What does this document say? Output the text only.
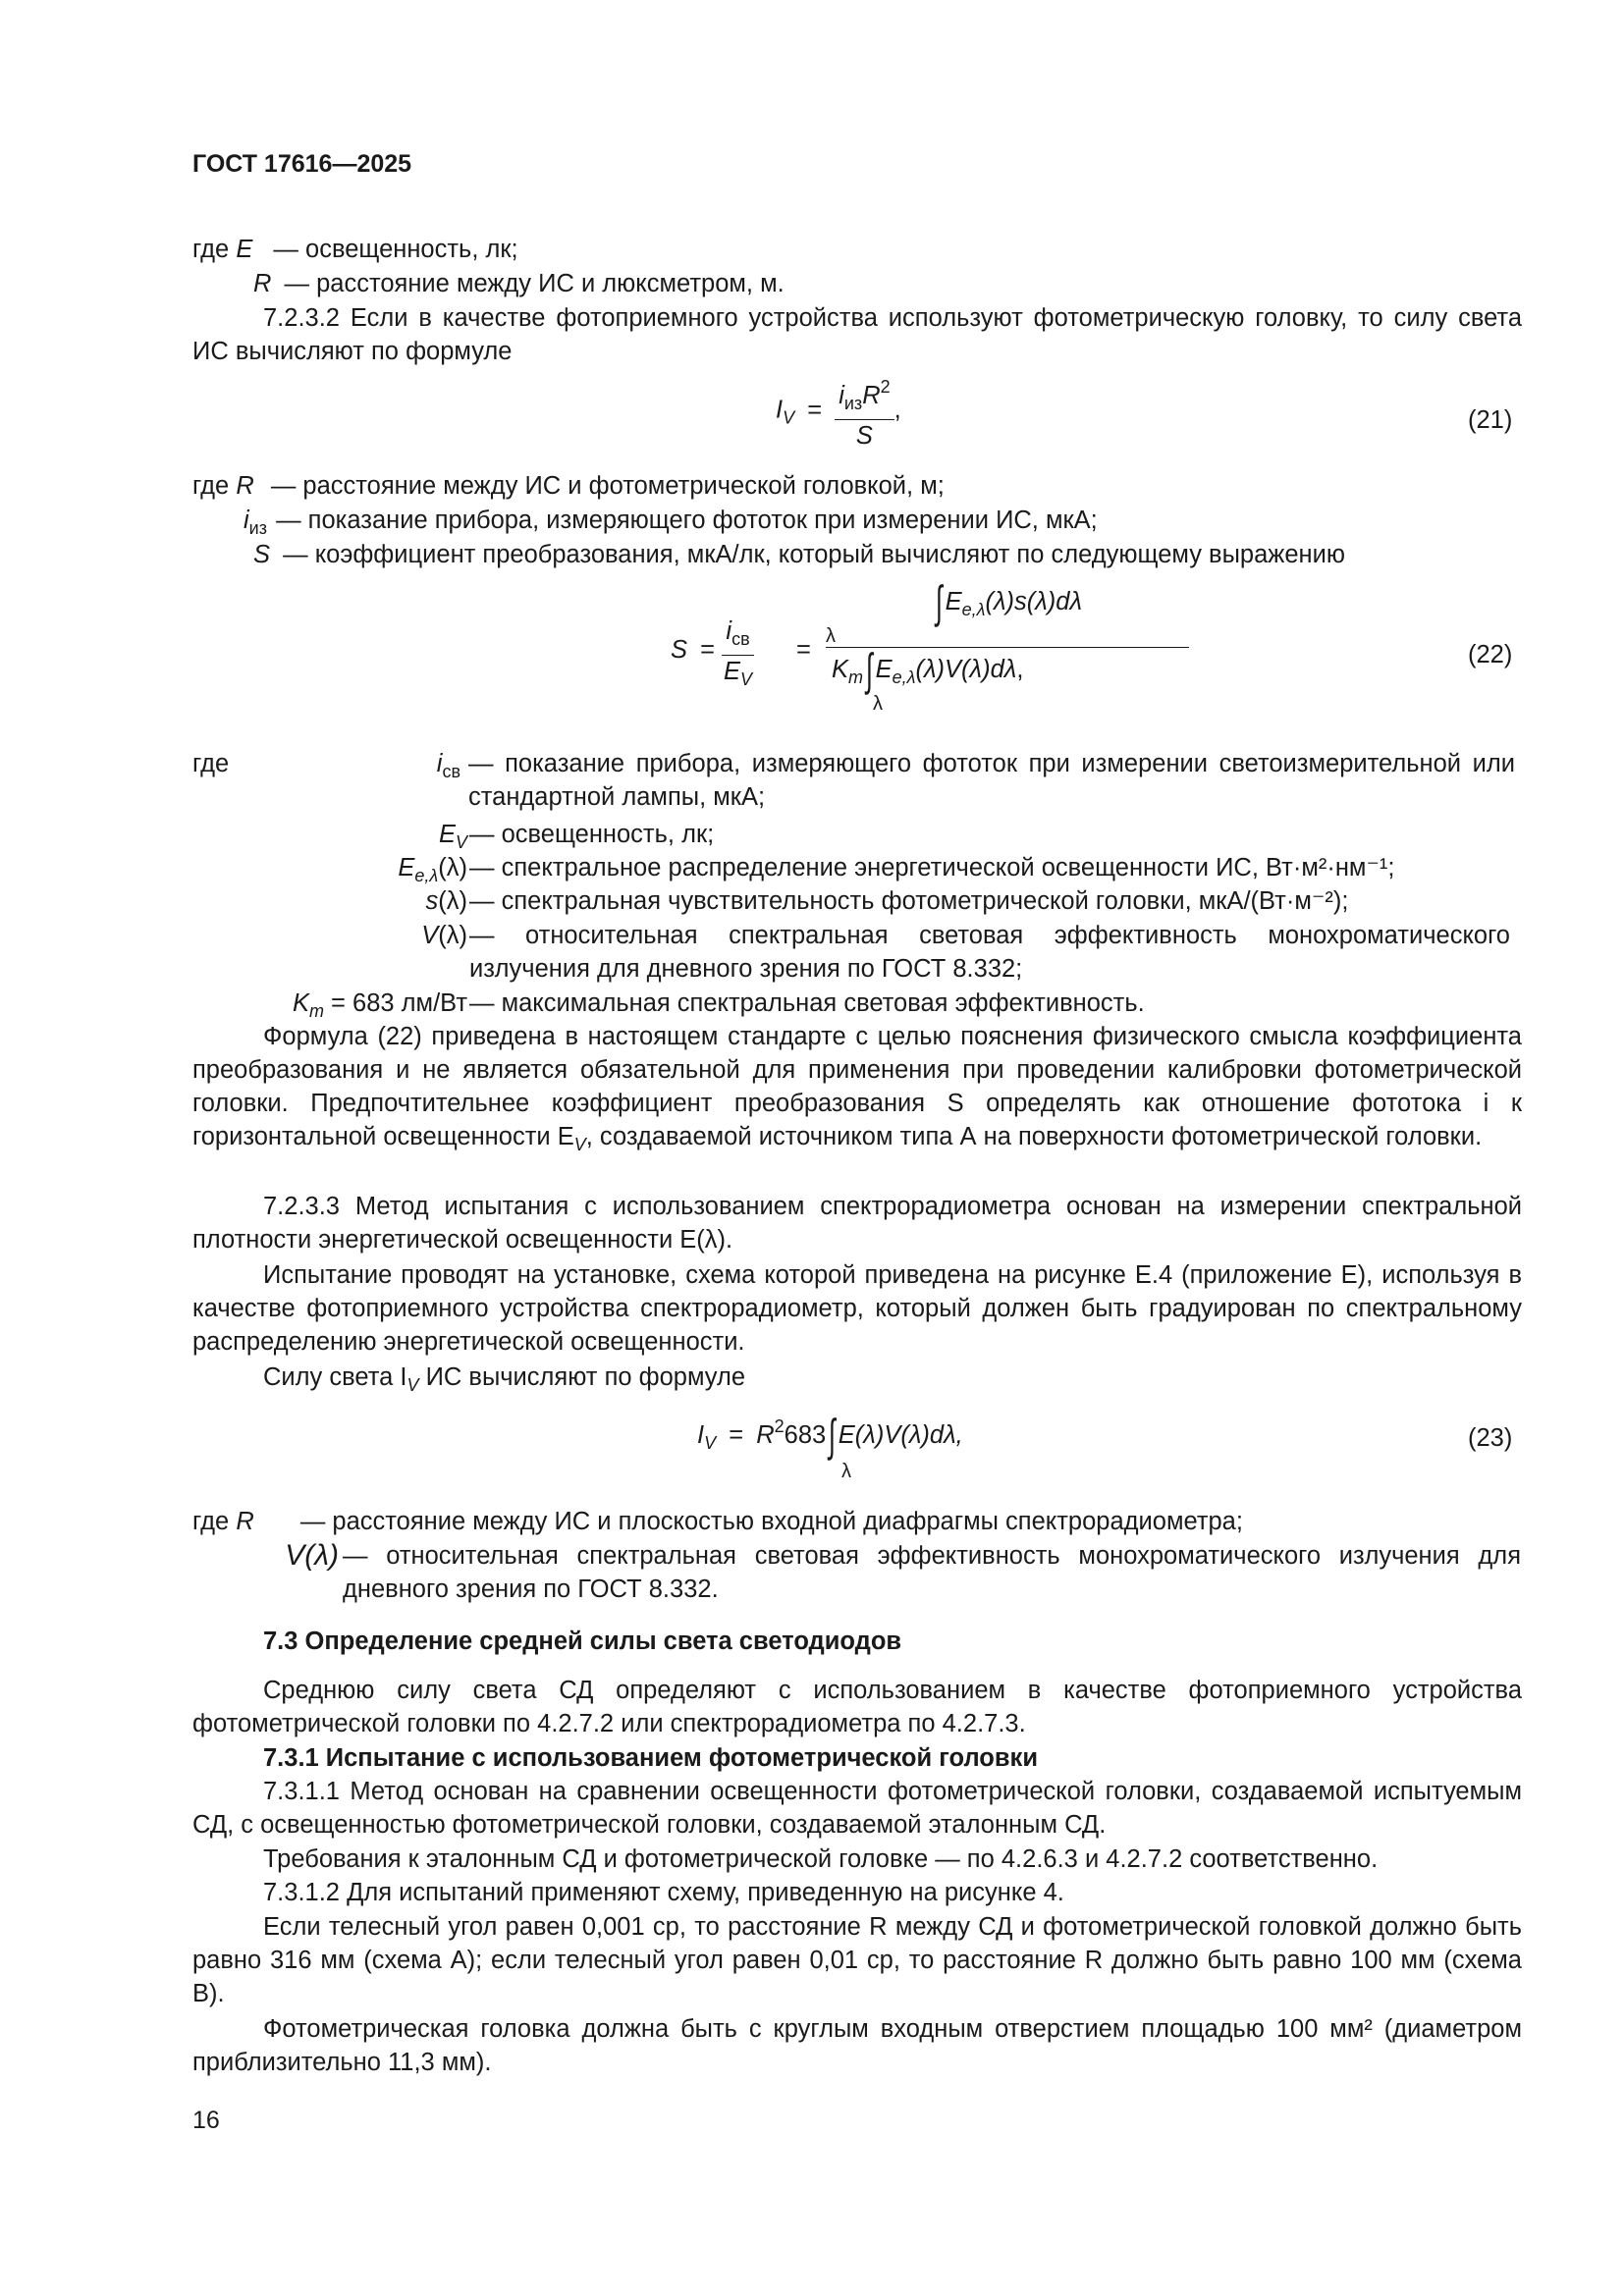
ГОСТ 17616—2025
где E — освещенность, лк;
R — расстояние между ИС и люксметром, м.
7.2.3.2 Если в качестве фотоприемного устройства используют фотометрическую головку, то силу света ИС вычисляют по формуле
$I_V = \frac{i_{из}R^2}{S}$ ,	(21)
где R — расстояние между ИС и фотометрической головкой, м;
$i_{из}$ — показание прибора, измеряющего фототок при измерении ИС, мкА;
S — коэффициент преобразования, мкА/лк, который вычисляют по следующему выражению
$S = \frac{i_{св}}{E_V}$ =
∫ $E_{e,\lambda}(\lambda)s(\lambda)d\lambda$
λ
$K_m\int$ $E_{e,\lambda}(\lambda)V(\lambda)d\lambda$,
λ
(22)
где	$i_{св}$ — показание прибора, измеряющего фототок при измерении светоизмерительной или стандартной лампы, мкА;
$E_V$ — освещенность, лк;
$E_{e,\lambda}(\lambda)$ — спектральное распределение энергетической освещенности ИС, Вт·м²·нм⁻¹;
s(λ) — спектральная чувствительность фотометрической головки, мкА/(Вт·м⁻²);
V(λ) — относительная спектральная световая эффективность монохроматического излучения для дневного зрения по ГОСТ 8.332;
$K_m = 683$ лм/Вт — максимальная спектральная световая эффективность.
Формула (22) приведена в настоящем стандарте с целью пояснения физического смысла коэффициента преобразования и не является обязательной для применения при проведении калибровки фотометрической головки. Предпочтительнее коэффициент преобразования S определять как отношение фототока i к горизонтальной освещенности $E_V$, создаваемой источником типа А на поверхности фотометрической головки.
7.2.3.3 Метод испытания с использованием спектрорадиометра основан на измерении спектральной плотности энергетической освещенности E(λ).
Испытание проводят на установке, схема которой приведена на рисунке Е.4 (приложение Е), используя в качестве фотоприемного устройства спектрорадиометр, который должен быть градуирован по спектральному распределению энергетической освещенности.
Силу света $I_V$ ИС вычисляют по формуле
$I_V = R^2683\int$ E(λ)V(λ)dλ,
λ
(23)
где R — расстояние между ИС и плоскостью входной диафрагмы спектрорадиометра;
V(λ) — относительная спектральная световая эффективность монохроматического излучения для дневного зрения по ГОСТ 8.332.
7.3 Определение средней силы света светодиодов
Среднюю силу света СД определяют с использованием в качестве фотоприемного устройства фотометрической головки по 4.2.7.2 или спектрорадиометра по 4.2.7.3.
7.3.1 Испытание с использованием фотометрической головки
7.3.1.1 Метод основан на сравнении освещенности фотометрической головки, создаваемой испытуемым СД, с освещенностью фотометрической головки, создаваемой эталонным СД.
Требования к эталонным СД и фотометрической головке — по 4.2.6.3 и 4.2.7.2 соответственно.
7.3.1.2 Для испытаний применяют схему, приведенную на рисунке 4.
Если телесный угол равен 0,001 ср, то расстояние R между СД и фотометрической головкой должно быть равно 316 мм (схема А); если телесный угол равен 0,01 ср, то расстояние R должно быть равно 100 мм (схема В).
Фотометрическая головка должна быть с круглым входным отверстием площадью 100 мм² (диаметром приблизительно 11,3 мм).
16
